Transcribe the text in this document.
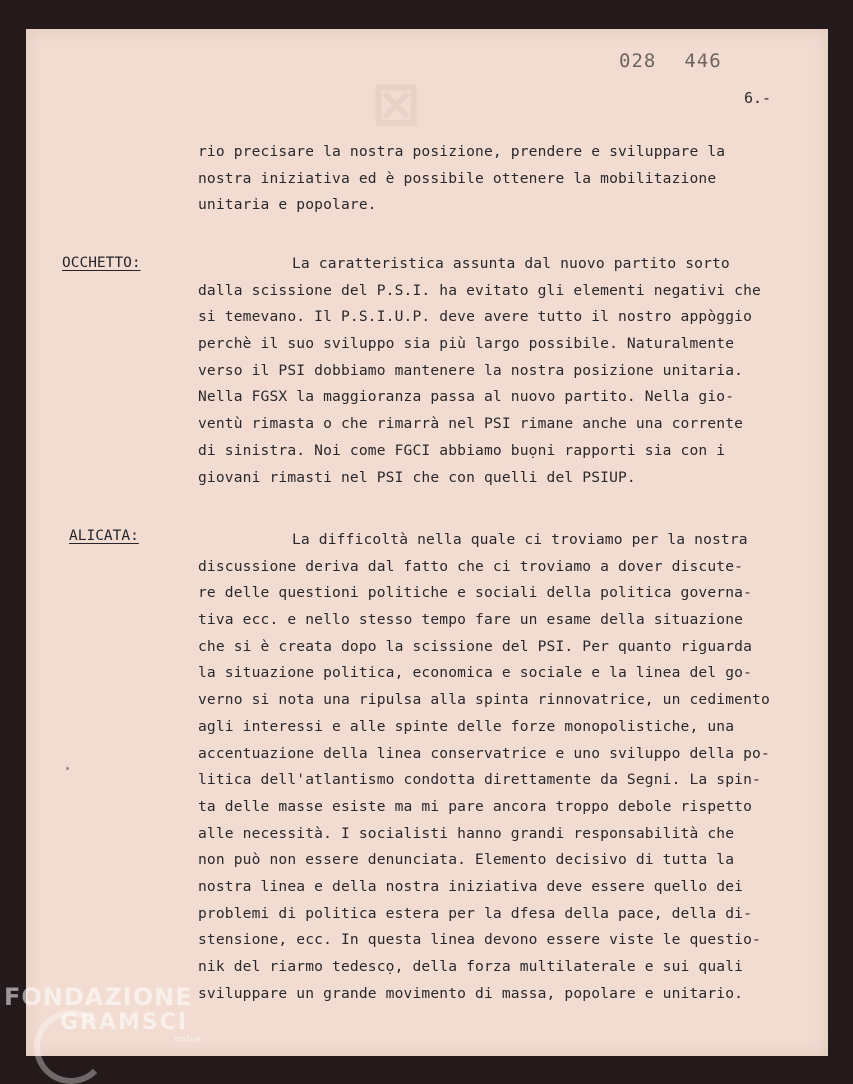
⊠
028 446
6.-
rio precisare la nostra posizione, prendere e sviluppare la
nostra iniziativa ed è possibile ottenere la mobilitazione
unitaria e popolare.
OCCHETTO:	La caratteristica assunta dal nuovo partito sorto
dalla scissione del P.S.I. ha evitato gli elementi negativi che
si temevano. Il P.S.I.U.P. deve avere tutto il nostro appòggio
perchè il suo sviluppo sia più largo possibile. Naturalmente
verso il PSI dobbiamo mantenere la nostra posizione unitaria.
Nella FGSX la maggioranza passa al nuovo partito. Nella gio-
ventù rimasta o che rimarrà nel PSI rimane anche una corrente
di sinistra. Noi come FGCI abbiamo buọni rapporti sia con i
giovani rimasti nel PSI che con quelli del PSIUP.
ALICATA:	La difficoltà nella quale ci troviamo per la nostra
discussione deriva dal fatto che ci troviamo a dover discute-
re delle questioni politiche e sociali della politica governa-
tiva ecc. e nello stesso tempo fare un esame della situazione
che si è creata dopo la scissione del PSI. Per quanto riguarda
la situazione politica, economica e sociale e la linea del go-
verno si nota una ripulsa alla spinta rinnovatrice, un cedimento
agli interessi e alle spinte delle forze monopolistiche, una
accentuazione della linea conservatrice e uno sviluppo della po-
litica dell'atlantismo condotta direttamente da Segni. La spin-
ta delle masse esiste ma mi pare ancora troppo debole rispetto
alle necessità. I socialisti hanno grandi responsabilità che
non può non essere denunciata. Elemento decisivo di tutta la
nostra linea e della nostra iniziativa deve essere quello dei
problemi di politica estera per la dfesa della pace, della di-
stensione, ecc. In questa linea devono essere viste le questio-
nik del riarmo tedescọ, della forza multilaterale e sui quali
sviluppare un grande movimento di massa, popolare e unitario.
FONDAZIONE
GRAMSCI
onlus
